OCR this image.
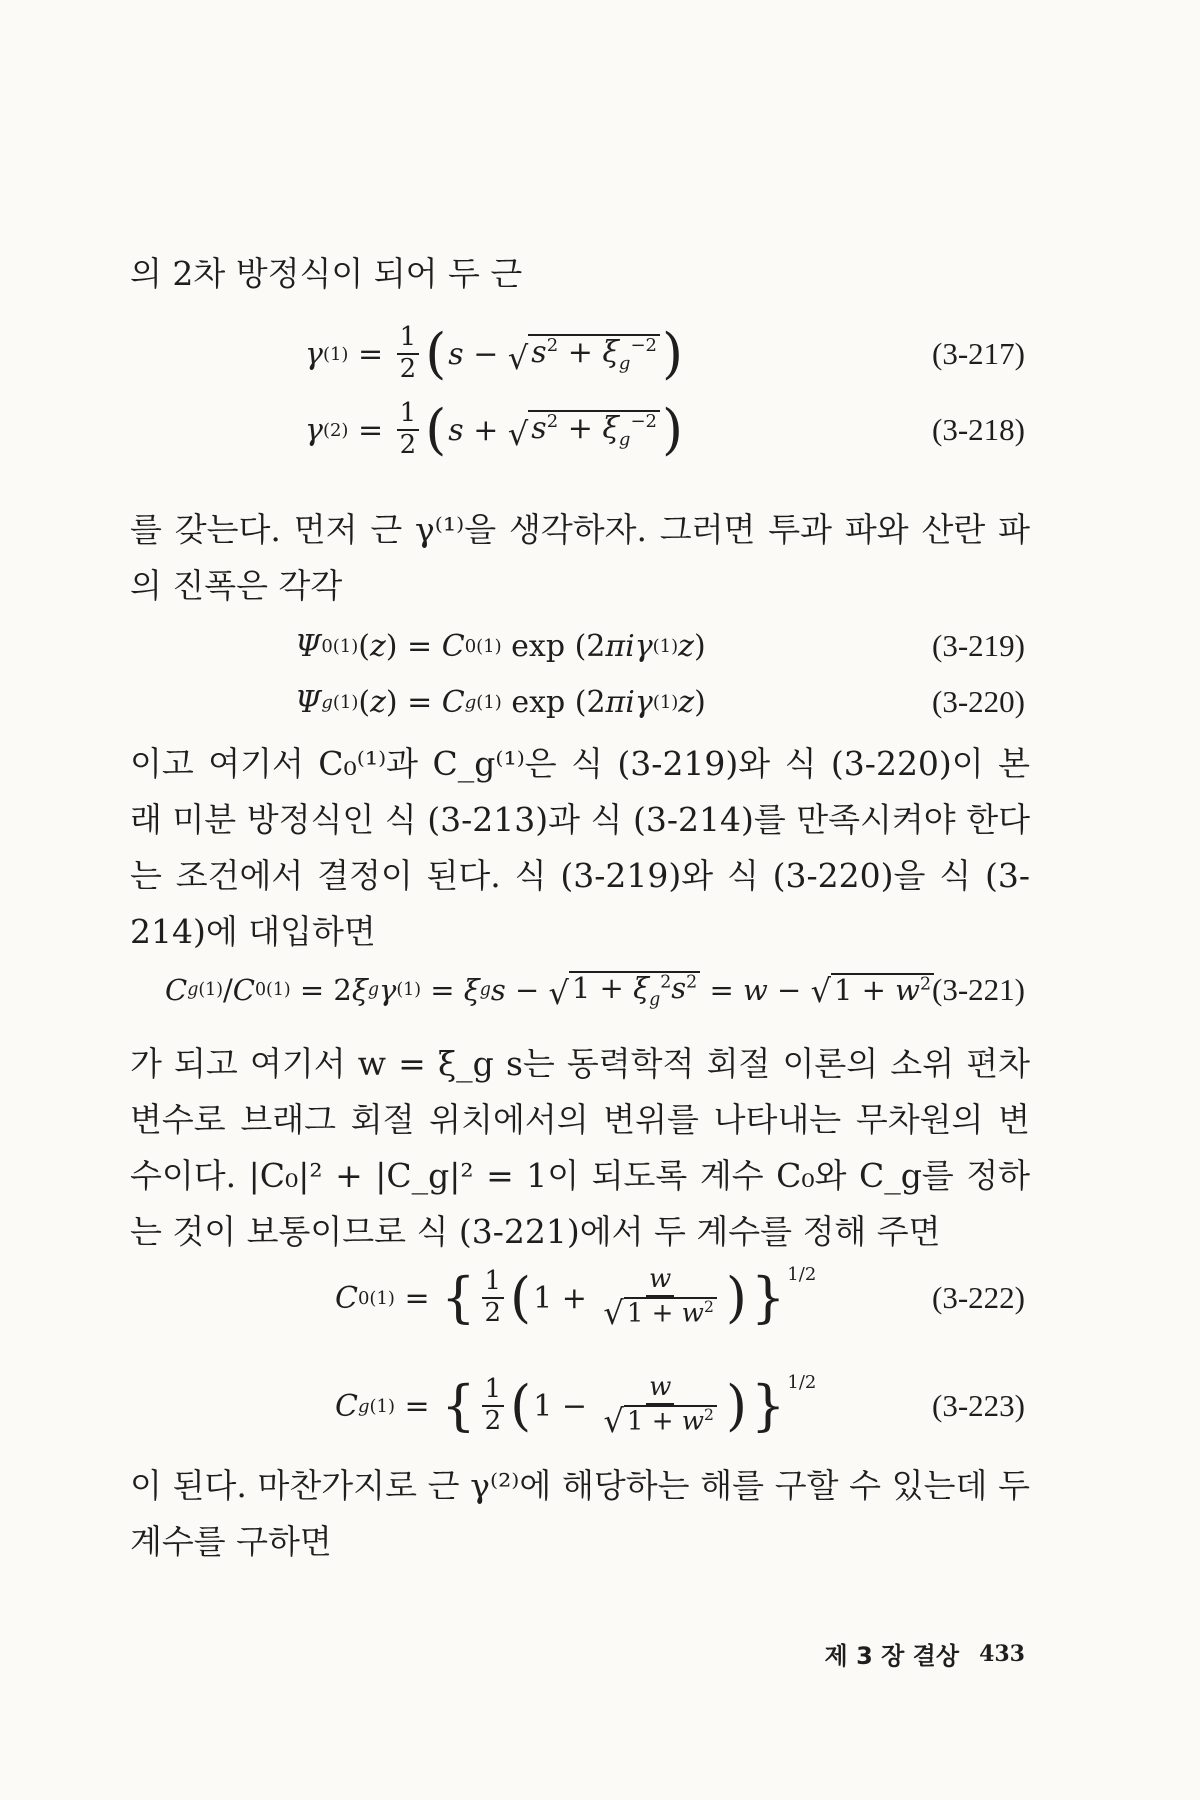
의 2차 방정식이 되어 두 근

γ $(1) = \frac{1}{2}$ ( s − √ $s^2 + \xi_g^{-2}$ )	(3-217)
γ $(2) = \frac{1}{2}$ ( s + √ $s^2 + \xi_g^{-2}$ )	(3-218)

를 갖는다. 먼저 근 γ⁽¹⁾을 생각하자. 그러면 투과 파와 산란 파의 진폭은 각각

Ψ 0 (1) ( z ) = C 0 (1) exp (2 π i γ (1) z )	(3-219)
Ψ g (1) ( z ) = C g (1) exp (2 π i γ (1) z )	(3-220)

이고 여기서 C₀⁽¹⁾과 C_g⁽¹⁾은 식 (3-219)와 식 (3-220)이 본래 미분 방정식인 식 (3-213)과 식 (3-214)를 만족시켜야 한다는 조건에서 결정이 된다. 식 (3-219)와 식 (3-220)을 식 (3-214)에 대입하면

C g (1) / C 0 (1) = 2 ξ g γ (1) = ξ g s − √ $1 + \xi_g^2s^2 = w$ − √ $1 + w^2$ (3-221)

가 되고 여기서 w = ξ_g s는 동력학적 회절 이론의 소위 편차 변수로 브래그 회절 위치에서의 변위를 나타내는 무차원의 변수이다. |C₀|² + |C_g|² = 1이 되도록 계수 C₀와 C_g를 정하는 것이 보통이므로 식 (3-221)에서 두 계수를 정해 주면

C 0 (1) = { $\frac{1}{2}$ ( $1 + \frac{w}{√ 1 + w^2}$ ) }$^{1/2}$
(3-222)
C g (1) = { $\frac{1}{2}$ ( $1 - \frac{w}{√ 1 + w^2}$ ) }$^{1/2}$
(3-223)

이 된다. 마찬가지로 근 γ⁽²⁾에 해당하는 해를 구할 수 있는데 두 계수를 구하면

제 3 장 결상 433
